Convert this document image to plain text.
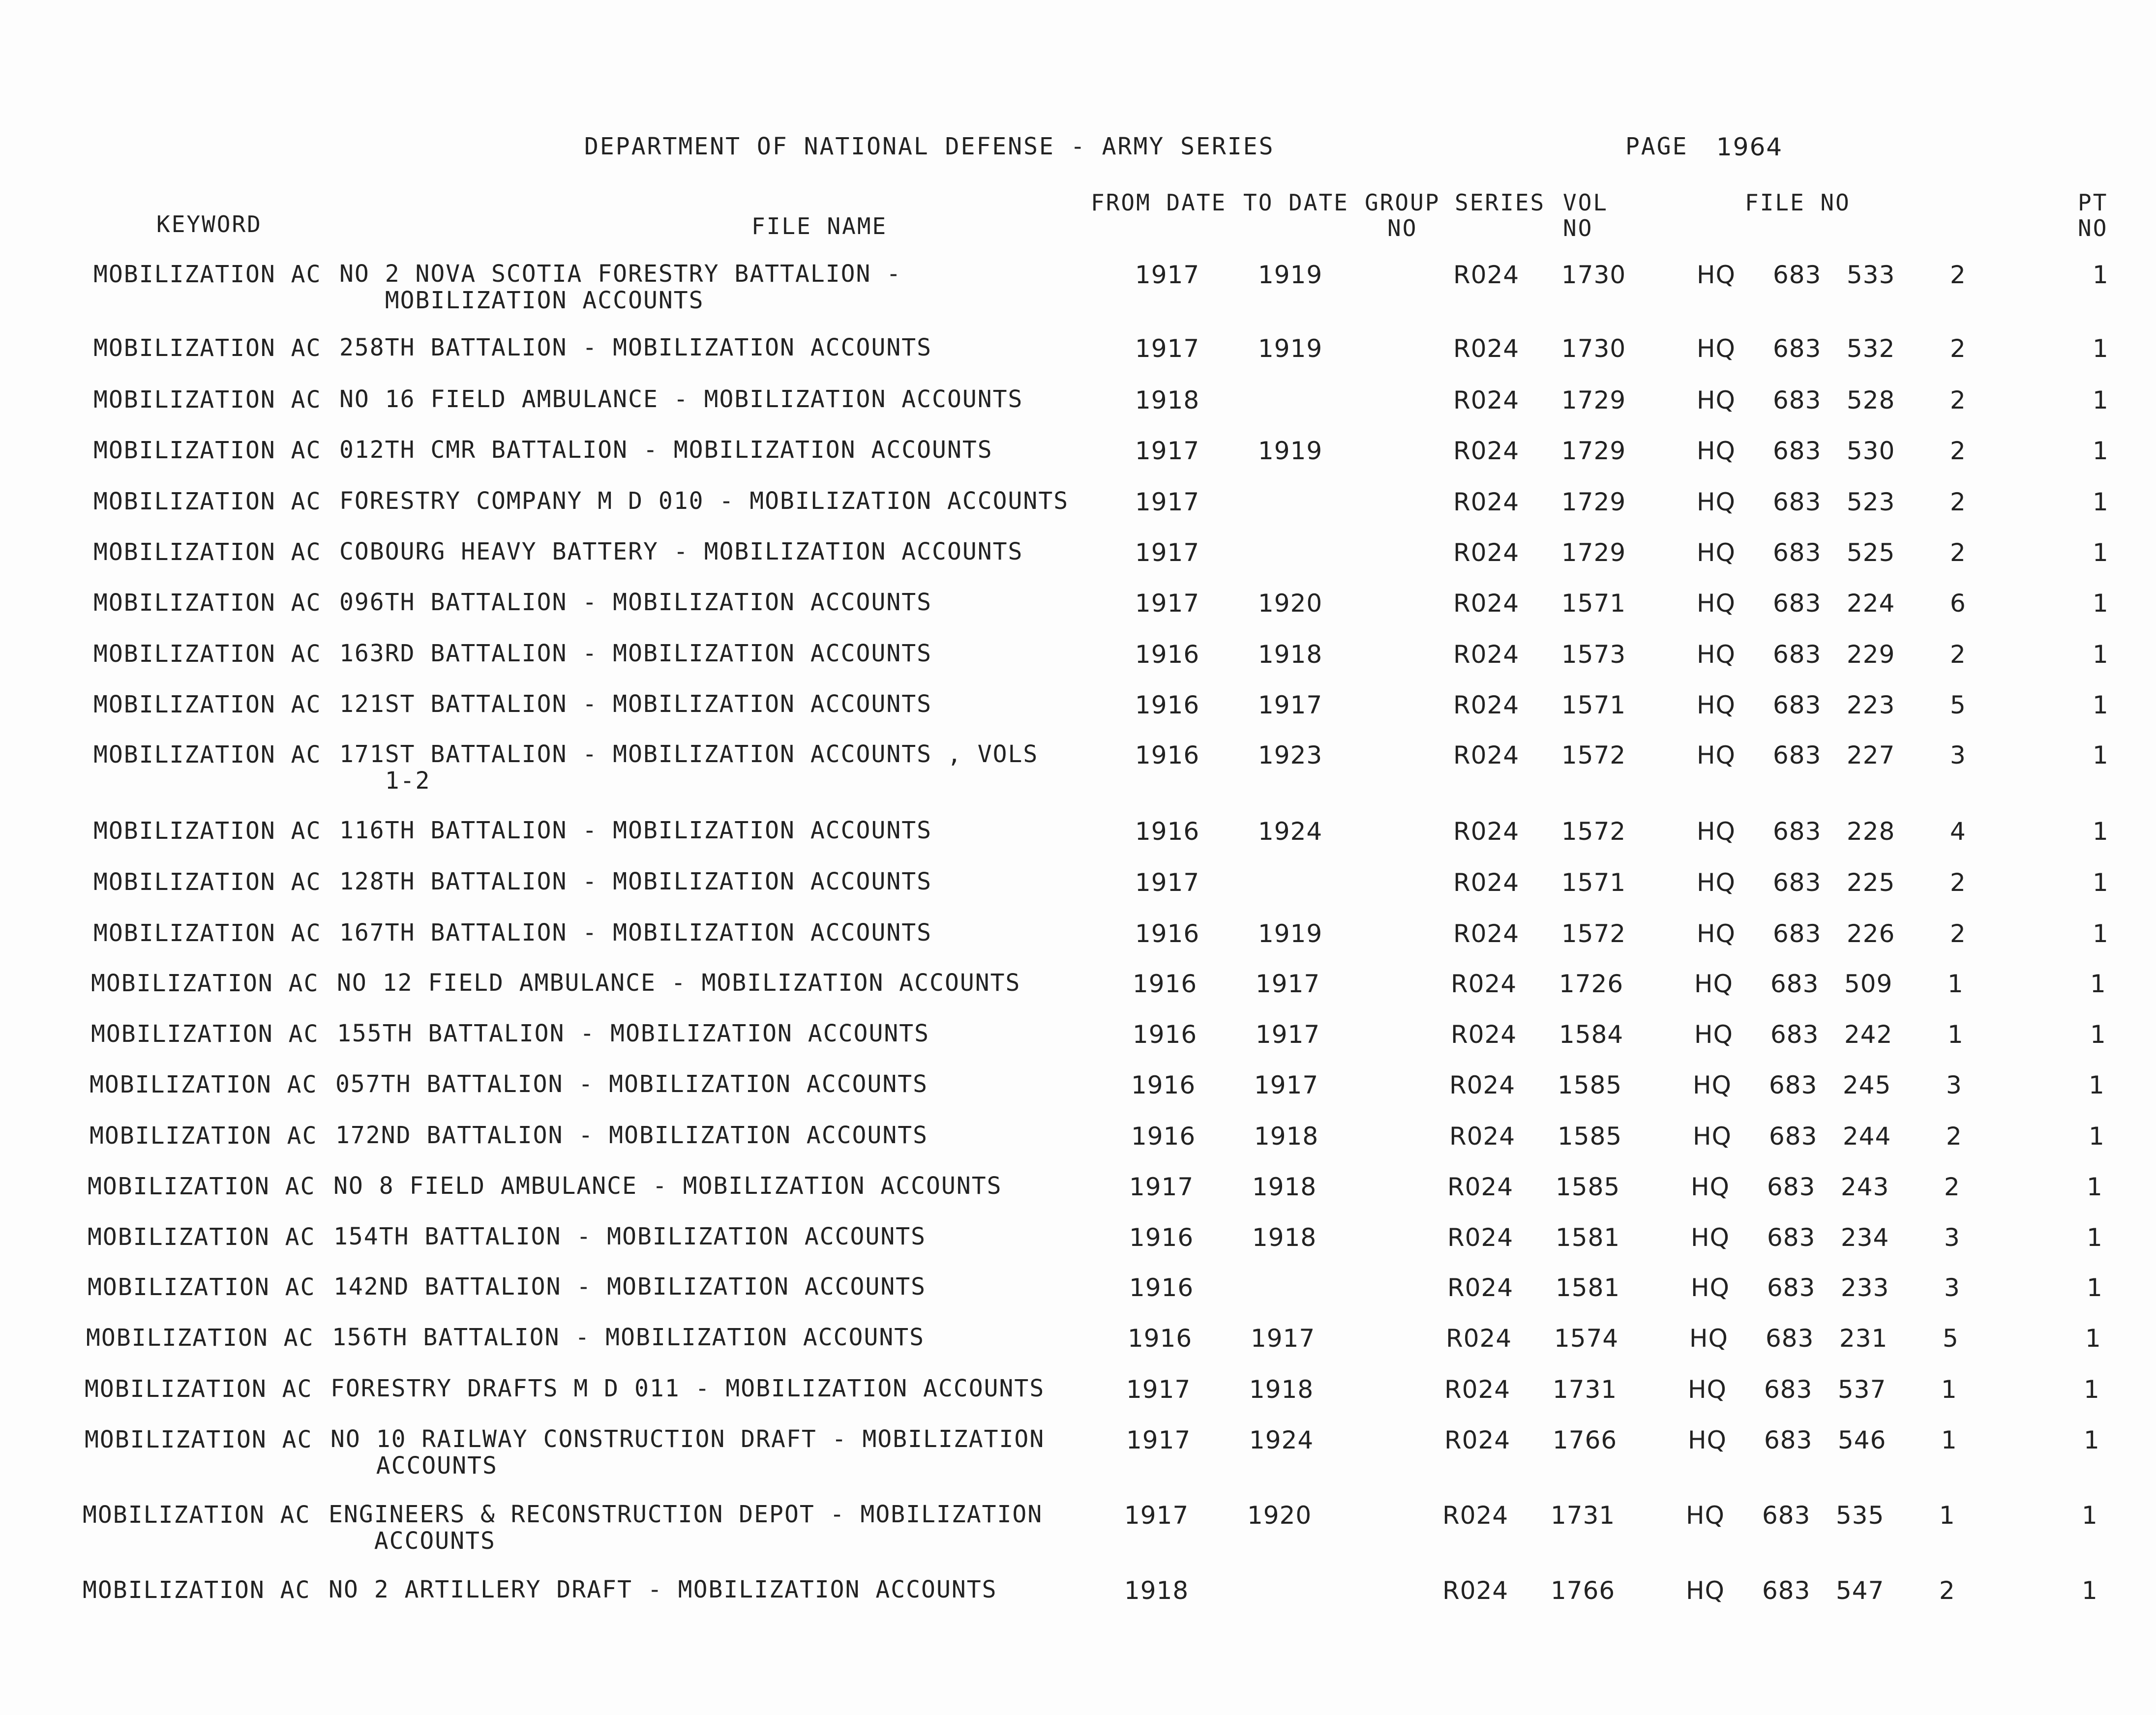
DEPARTMENT OF NATIONAL DEFENSE - ARMY SERIES	PAGE 1964
KEYWORD	FILE NAME
FROM DATE TO DATE GROUP
NO
SERIES VOL
NO
FILE NO	PT
NO
MOBILIZATION AC NO 2 NOVA SCOTIA FORESTRY BATTALION -
MOBILIZATION ACCOUNTS
1917 1919	R024 1730	HQ 683 533 2	1
MOBILIZATION AC 258TH BATTALION - MOBILIZATION ACCOUNTS	1917 1919	R024 1730	HQ 683 532 2	1
MOBILIZATION AC NO 16 FIELD AMBULANCE - MOBILIZATION ACCOUNTS	1918	R024 1729	HQ 683 528 2	1
MOBILIZATION AC 012TH CMR BATTALION - MOBILIZATION ACCOUNTS	1917 1919	R024 1729	HQ 683 530 2	1
MOBILIZATION AC FORESTRY COMPANY M D 010 - MOBILIZATION ACCOUNTS	1917	R024 1729	HQ 683 523 2	1
MOBILIZATION AC COBOURG HEAVY BATTERY - MOBILIZATION ACCOUNTS	1917	R024 1729	HQ 683 525 2	1
MOBILIZATION AC 096TH BATTALION - MOBILIZATION ACCOUNTS	1917 1920	R024 1571	HQ 683 224 6	1
MOBILIZATION AC 163RD BATTALION - MOBILIZATION ACCOUNTS	1916 1918	R024 1573	HQ 683 229 2	1
MOBILIZATION AC 121ST BATTALION - MOBILIZATION ACCOUNTS	1916 1917	R024 1571	HQ 683 223 5	1
MOBILIZATION AC 171ST BATTALION - MOBILIZATION ACCOUNTS , VOLS
1-2
1916 1923	R024 1572	HQ 683 227 3	1
MOBILIZATION AC 116TH BATTALION - MOBILIZATION ACCOUNTS	1916 1924	R024 1572	HQ 683 228 4	1
MOBILIZATION AC 128TH BATTALION - MOBILIZATION ACCOUNTS	1917	R024 1571	HQ 683 225 2	1
MOBILIZATION AC 167TH BATTALION - MOBILIZATION ACCOUNTS	1916 1919	R024 1572	HQ 683 226 2	1
MOBILIZATION AC NO 12 FIELD AMBULANCE - MOBILIZATION ACCOUNTS	1916 1917	R024 1726	HQ 683 509 1	1
MOBILIZATION AC 155TH BATTALION - MOBILIZATION ACCOUNTS	1916 1917	R024 1584	HQ 683 242 1	1
MOBILIZATION AC 057TH BATTALION - MOBILIZATION ACCOUNTS	1916 1917	R024 1585	HQ 683 245 3	1
MOBILIZATION AC 172ND BATTALION - MOBILIZATION ACCOUNTS	1916 1918	R024 1585	HQ 683 244 2	1
MOBILIZATION AC NO 8 FIELD AMBULANCE - MOBILIZATION ACCOUNTS	1917 1918	R024 1585	HQ 683 243 2	1
MOBILIZATION AC 154TH BATTALION - MOBILIZATION ACCOUNTS	1916 1918	R024 1581	HQ 683 234 3	1
MOBILIZATION AC 142ND BATTALION - MOBILIZATION ACCOUNTS	1916	R024 1581	HQ 683 233 3	1
MOBILIZATION AC 156TH BATTALION - MOBILIZATION ACCOUNTS	1916 1917	R024 1574	HQ 683 231 5	1
MOBILIZATION AC FORESTRY DRAFTS M D 011 - MOBILIZATION ACCOUNTS	1917 1918	R024 1731	HQ 683 537 1	1
MOBILIZATION AC NO 10 RAILWAY CONSTRUCTION DRAFT - MOBILIZATION
ACCOUNTS
1917 1924	R024 1766	HQ 683 546 1	1
MOBILIZATION AC ENGINEERS & RECONSTRUCTION DEPOT - MOBILIZATION
ACCOUNTS
1917 1920	R024 1731	HQ 683 535 1	1
MOBILIZATION AC NO 2 ARTILLERY DRAFT - MOBILIZATION ACCOUNTS	1918	R024 1766	HQ 683 547 2	1
